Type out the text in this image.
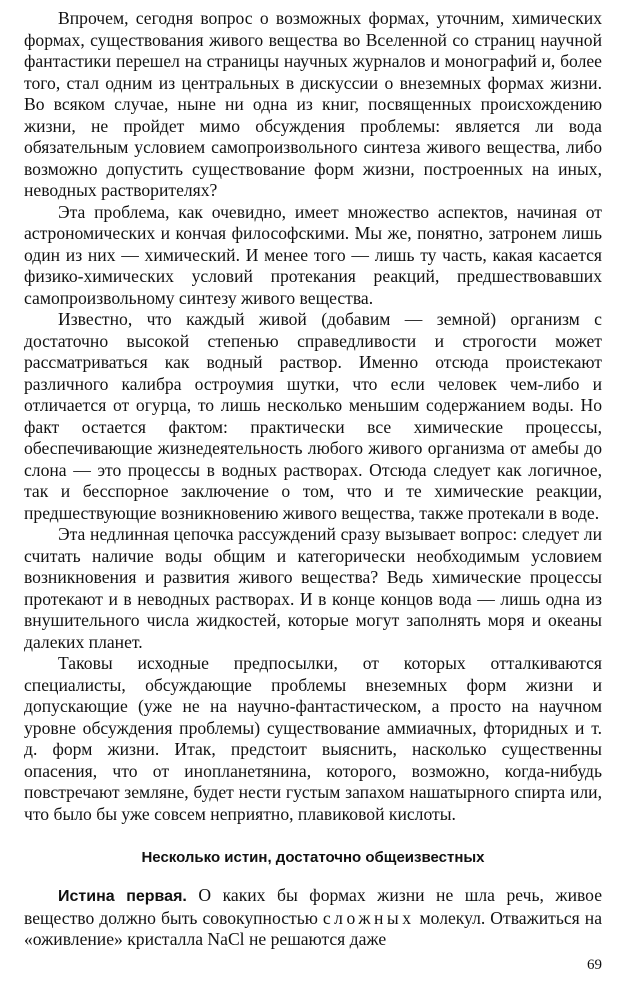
Впрочем, сегодня вопрос о возможных формах, уточним, химических формах, существования живого вещества во Вселенной со страниц научной фантастики перешел на страницы научных журналов и монографий и, более того, стал одним из центральных в дискуссии о внеземных формах жизни. Во всяком случае, ныне ни одна из книг, посвященных происхождению жизни, не пройдет мимо обсуждения проблемы: является ли вода обязательным условием самопроизвольного синтеза живого вещества, либо возможно допустить существование форм жизни, построенных на иных, неводных растворителях?

Эта проблема, как очевидно, имеет множество аспектов, начиная от астрономических и кончая философскими. Мы же, понятно, затронем лишь один из них — химический. И менее того — лишь ту часть, какая касается физико-химических условий протекания реакций, предшествовавших самопроизвольному синтезу живого вещества.

Известно, что каждый живой (добавим — земной) организм с достаточно высокой степенью справедливости и строгости может рассматриваться как водный раствор. Именно отсюда проистекают различного калибра остроумия шутки, что если человек чем-либо и отличается от огурца, то лишь несколько меньшим содержанием воды. Но факт остается фактом: практически все химические процессы, обеспечивающие жизнедеятельность любого живого организма от амебы до слона — это процессы в водных растворах. Отсюда следует как логичное, так и бесспорное заключение о том, что и те химические реакции, предшествующие возникновению живого вещества, также протекали в воде.

Эта недлинная цепочка рассуждений сразу вызывает вопрос: следует ли считать наличие воды общим и категорически необходимым условием возникновения и развития живого вещества? Ведь химические процессы протекают и в неводных растворах. И в конце концов вода — лишь одна из внушительного числа жидкостей, которые могут заполнять моря и океаны далеких планет.

Таковы исходные предпосылки, от которых отталкиваются специалисты, обсуждающие проблемы внеземных форм жизни и допускающие (уже не на научно-фантастическом, а просто на научном уровне обсуждения проблемы) существование аммиачных, фторидных и т. д. форм жизни. Итак, предстоит выяснить, насколько существенны опасения, что от инопланетянина, которого, возможно, когда-нибудь повстречают земляне, будет нести густым запахом нашатырного спирта или, что было бы уже совсем неприятно, плавиковой кислоты.

Несколько истин, достаточно общеизвестных

Истина первая. О каких бы формах жизни не шла речь, живое вещество должно быть совокупностью сложных молекул. Отважиться на «оживление» кристалла NaCl не решаются даже

69
